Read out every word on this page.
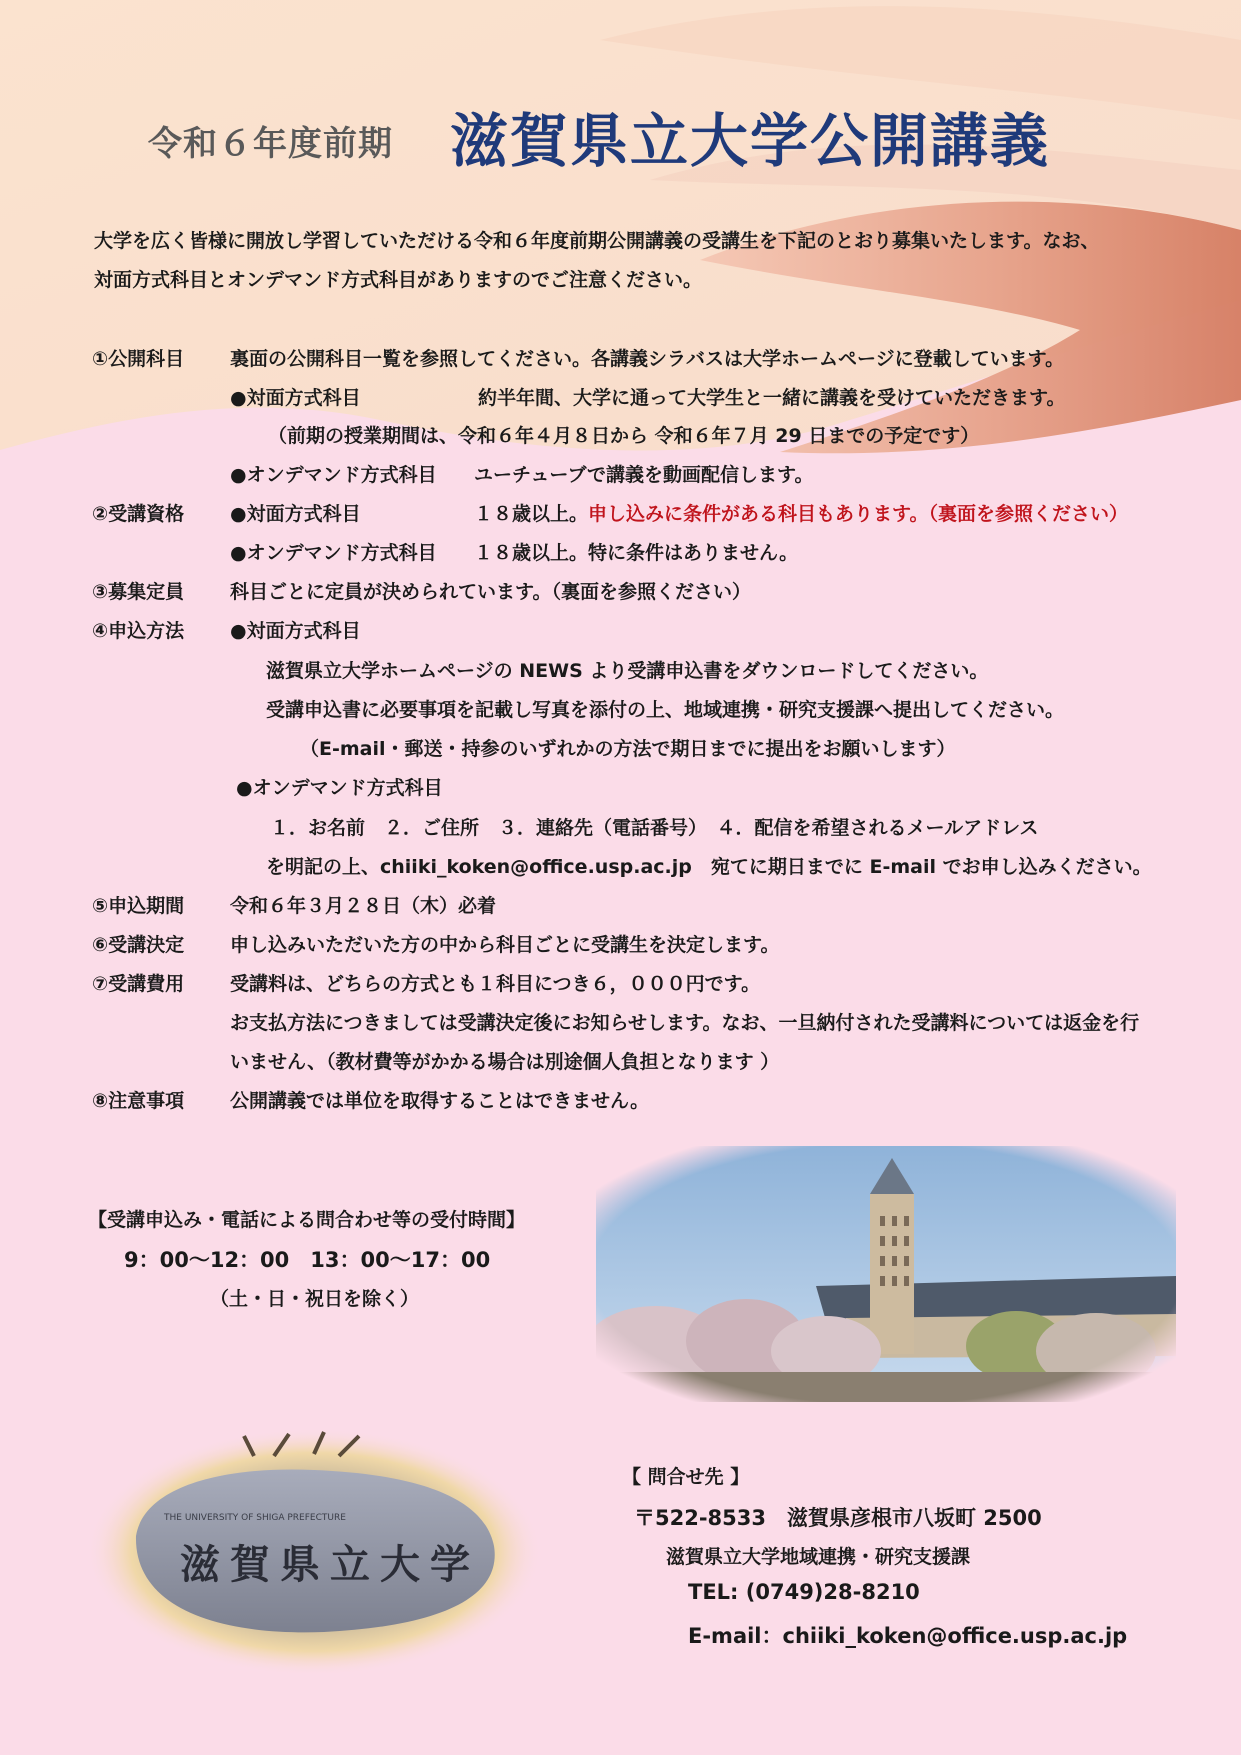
令和６年度前期 滋賀県立大学公開講義
大学を広く皆様に開放し学習していただける令和６年度前期公開講義の受講生を下記のとおり募集いたします。なお、
対面方式科目とオンデマンド方式科目がありますのでご注意ください。
①公開科目 裏面の公開科目一覧を参照してください。各講義シラバスは大学ホームページに登載しています。
●対面方式科目	約半年間、大学に通って大学生と一緒に講義を受けていただきます。
（前期の授業期間は、令和６年４月８日から 令和６年７月 29 日までの予定です）
●オンデマンド方式科目 ユーチューブで講義を動画配信します。
②受講資格 ●対面方式科目	１８歳以上。申し込みに条件がある科目もあります。（裏面を参照ください）
●オンデマンド方式科目 １８歳以上。特に条件はありません。
③募集定員 科目ごとに定員が決められています。（裏面を参照ください）
④申込方法 ●対面方式科目
滋賀県立大学ホームページの NEWS より受講申込書をダウンロードしてください。
受講申込書に必要事項を記載し写真を添付の上、地域連携・研究支援課へ提出してください。
（E-mail・郵送・持参のいずれかの方法で期日までに提出をお願いします）
●オンデマンド方式科目
１．お名前　２．ご住所　３．連絡先（電話番号）　４．配信を希望されるメールアドレス
を明記の上、chiiki_koken@office.usp.ac.jp　宛てに期日までに E-mail でお申し込みください。
⑤申込期間 令和６年３月２８日（木）必着
⑥受講決定 申し込みいただいた方の中から科目ごとに受講生を決定します。
⑦受講費用 受講料は、どちらの方式とも１科目につき６，０００円です。
お支払方法につきましては受講決定後にお知らせします。なお、一旦納付された受講料については返金を行
いません、（教材費等がかかる場合は別途個人負担となります ）
⑧注意事項 公開講義では単位を取得することはできません。
【受講申込み・電話による問合わせ等の受付時間】
9：00～12：00　13：00～17：00
（土・日・祝日を除く）
THE UNIVERSITY OF SHIGA PREFECTURE
滋賀県立大学
【 問合せ先 】
〒522-8533　滋賀県彦根市八坂町 2500
滋賀県立大学地域連携・研究支援課
TEL: (0749)28-8210
E-mail：chiiki_koken@office.usp.ac.jp
